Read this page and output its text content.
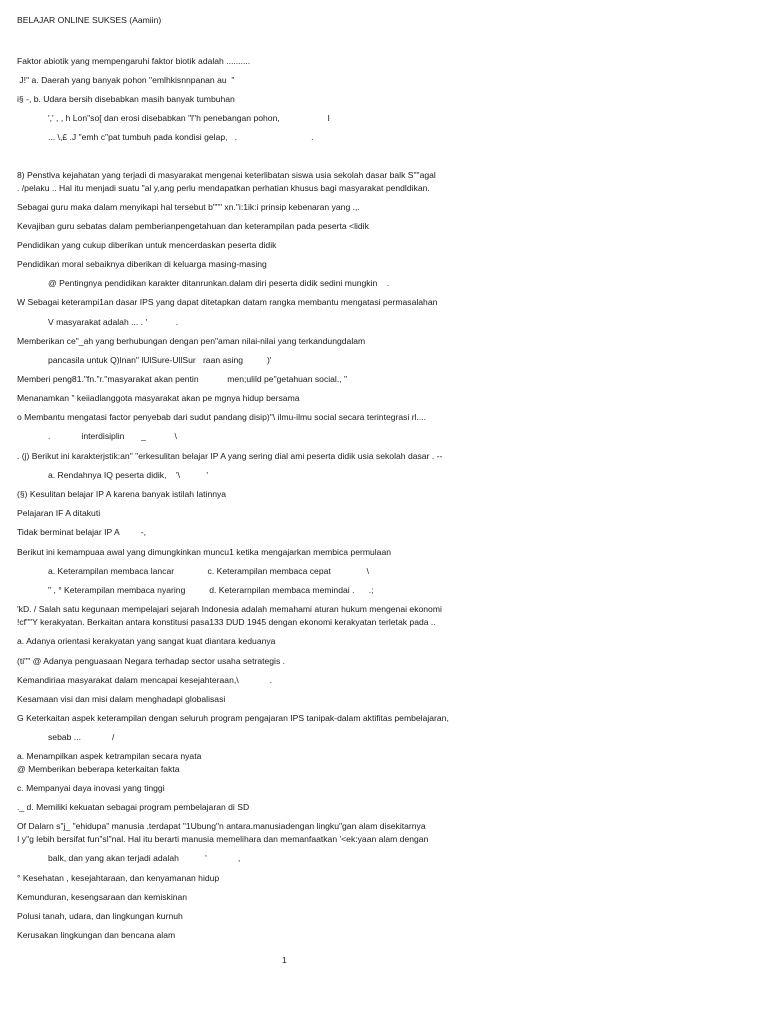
BELAJAR ONLINE SUKSES (Aamiin)
Faktor abiotik yang mempengaruhi faktor biotik adalah ..........
J!" a. Daerah yang banyak pohon "emlhkisnnpanan au  "
i§ -, b. Udara bersih disebabkan masih banyak tumbuhan
',' , , h Lon"so[ dan erosi disebabkan "l"h penebangan pohon,                    I
... \,£ .J "emh c"pat tumbuh pada kondisi gelap,   .                               .
8) Penstlva kejahatan yang terjadi di masyarakat mengenai keterlibatan siswa usia sekolah dasar balk S""agal
. /pelaku .. Hal itu menjadi suatu "al y,ang perlu mendapatkan perhatian khusus bagi masyarakat pendldikan.
Sebagai guru maka dalam menyikapi hal tersebut b""" xn."i:1ik:i prinsip kebenaran yang .,.
Kevajiban guru sebatas dalam pemberianpengetahuan dan keterampilan pada peserta <lidik
Pendidikan yang cukup diberikan untuk mencerdaskan peserta didik
Pendidikan moral sebaiknya diberikan di keluarga masing-masing
@ Pentingnya pendidikan karakter ditanrunkan.dalam diri peserta didik sedini mungkin    .
W Sebagai keterampi1an dasar IPS yang dapat ditetapkan datam rangka membantu mengatasi permasalahan
V masyarakat adalah ... . '            .
Memberikan ce"_ah yang berhubungan dengan pen"aman nilai-nilai yang terkandungdalam
pancasila untuk Q)lnan" lUlSure-UllSur   raan asing          )'
Memberi peng81."fn."r."masyarakat akan pentin            men;ulild pe"getahuan social., "
Menanamkan " keiiadlanggota masyarakat akan pe mgnya hidup bersama
o Membantu mengatasi factor penyebab dari sudut pandang disip)"\ ilmu-ilmu social secara terintegrasi rl....
.             interdisiplin       _            \
. (j) Berikut ini karakterjstik:an" "erkesulitan belajar IP A yang sering dial ami peserta didik usia sekolah dasar . --
a. Rendahnya IQ peserta didik,    '\           '
(§) Kesulitan belajar IP A karena banyak istilah latinnya
Pelajaran IF A ditakuti
Tidak berminat belajar IP A         -,
Berikut ini kemampuaa awal yang dimungkinkan muncu1 ketika mengajarkan membica permulaan
a. Keterampilan membaca lancar              c. Keterampilan membaca cepat               \
" , ° Keterampilan membaca nyaring          d. Keterarnpilan membaca memindai .      .;
'kD. / Salah satu kegunaan mempelajari sejarah Indonesia adalah memahami aturan hukum mengenai ekonomi
!cf""Y kerakyatan. Berkaitan antara konstitusi pasa133 DUD 1945 dengan ekonomi kerakyatan terletak pada ..
a. Adanya orientasi kerakyatan yang sangat kuat diantara keduanya
(ti"" @ Adanya penguasaan Negara terhadap sector usaha setrategis .
Kemandiriaa masyarakat dalam mencapai kesejahteraan,\             .
Kesamaan visi dan misi dalam menghadapi globalisasi
G Keterkaitan aspek keterampilan dengan seluruh program pengajaran IPS tanipak-dalam aktifitas pembelajaran,
sebab ...             /
a. Menampilkan aspek ketrampilan secara nyata
@ Memberikan beberapa keterkaitan fakta
c. Mempanyai daya inovasi yang tinggi
._ d. Memiliki kekuatan sebagai program pembelajaran di SD
Of Dalarn s"j_ "ehidupa" manusia .terdapat "1Ubung"n antara.manusiadengan lingku"gan alam disekitarnya
I y"g lebih bersifat fun"sl"nal. Hal itu berarti manusia memelihara dan memanfaatkan '<ek:yaan alam dengan
balk, dan yang akan terjadi adalah           '             ,
° Kesehatan , kesejahtaraan, dan kenyamanan hidup
Kemunduran, kesengsaraan dan kemiskinan
Polusi tanah, udara, dan lingkungan kurnuh
Kerusakan lingkungan dan bencana alam
1
